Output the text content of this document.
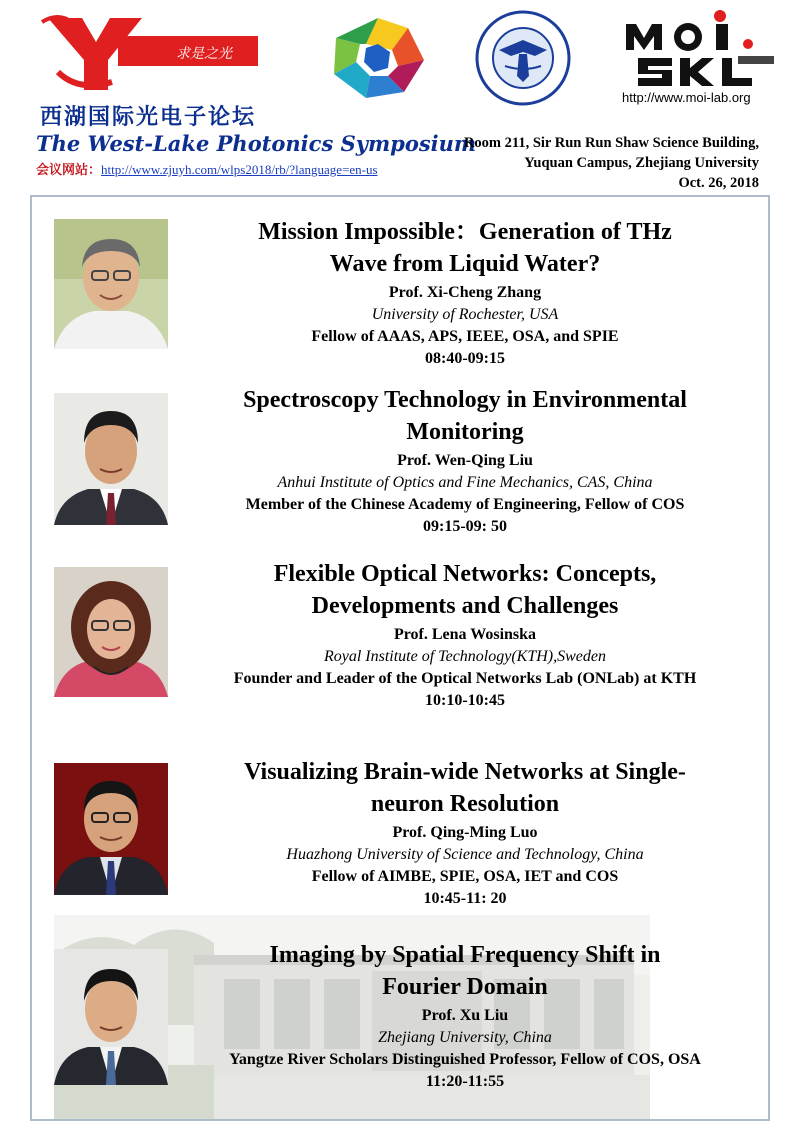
求是之光
http://www.moi-lab.org
西湖国际光电子论坛
The West-Lake Photonics Symposium
会议网站：http://www.zjuyh.com/wlps2018/rb/?language=en-us
Room 211, Sir Run Run Shaw Science Building,
Yuquan Campus, Zhejiang University
Oct. 26, 2018
Mission Impossible：Generation of THz
Wave from Liquid Water?
Prof. Xi-Cheng Zhang
University of Rochester, USA
Fellow of AAAS, APS, IEEE, OSA, and SPIE
08:40-09:15
Spectroscopy Technology in Environmental
Monitoring
Prof. Wen-Qing Liu
Anhui Institute of Optics and Fine Mechanics, CAS, China
Member of the Chinese Academy of Engineering, Fellow of COS
09:15-09: 50
Flexible Optical Networks: Concepts,
Developments and Challenges
Prof. Lena Wosinska
Royal Institute of Technology(KTH),Sweden
Founder and Leader of the Optical Networks Lab (ONLab) at KTH
10:10-10:45
Visualizing Brain-wide Networks at Single-
neuron Resolution
Prof. Qing-Ming Luo
Huazhong University of Science and Technology, China
Fellow of AIMBE, SPIE, OSA, IET and COS
10:45-11: 20
Imaging by Spatial Frequency Shift in
Fourier Domain
Prof. Xu Liu
Zhejiang University, China
Yangtze River Scholars Distinguished Professor, Fellow of COS, OSA
11:20-11:55
